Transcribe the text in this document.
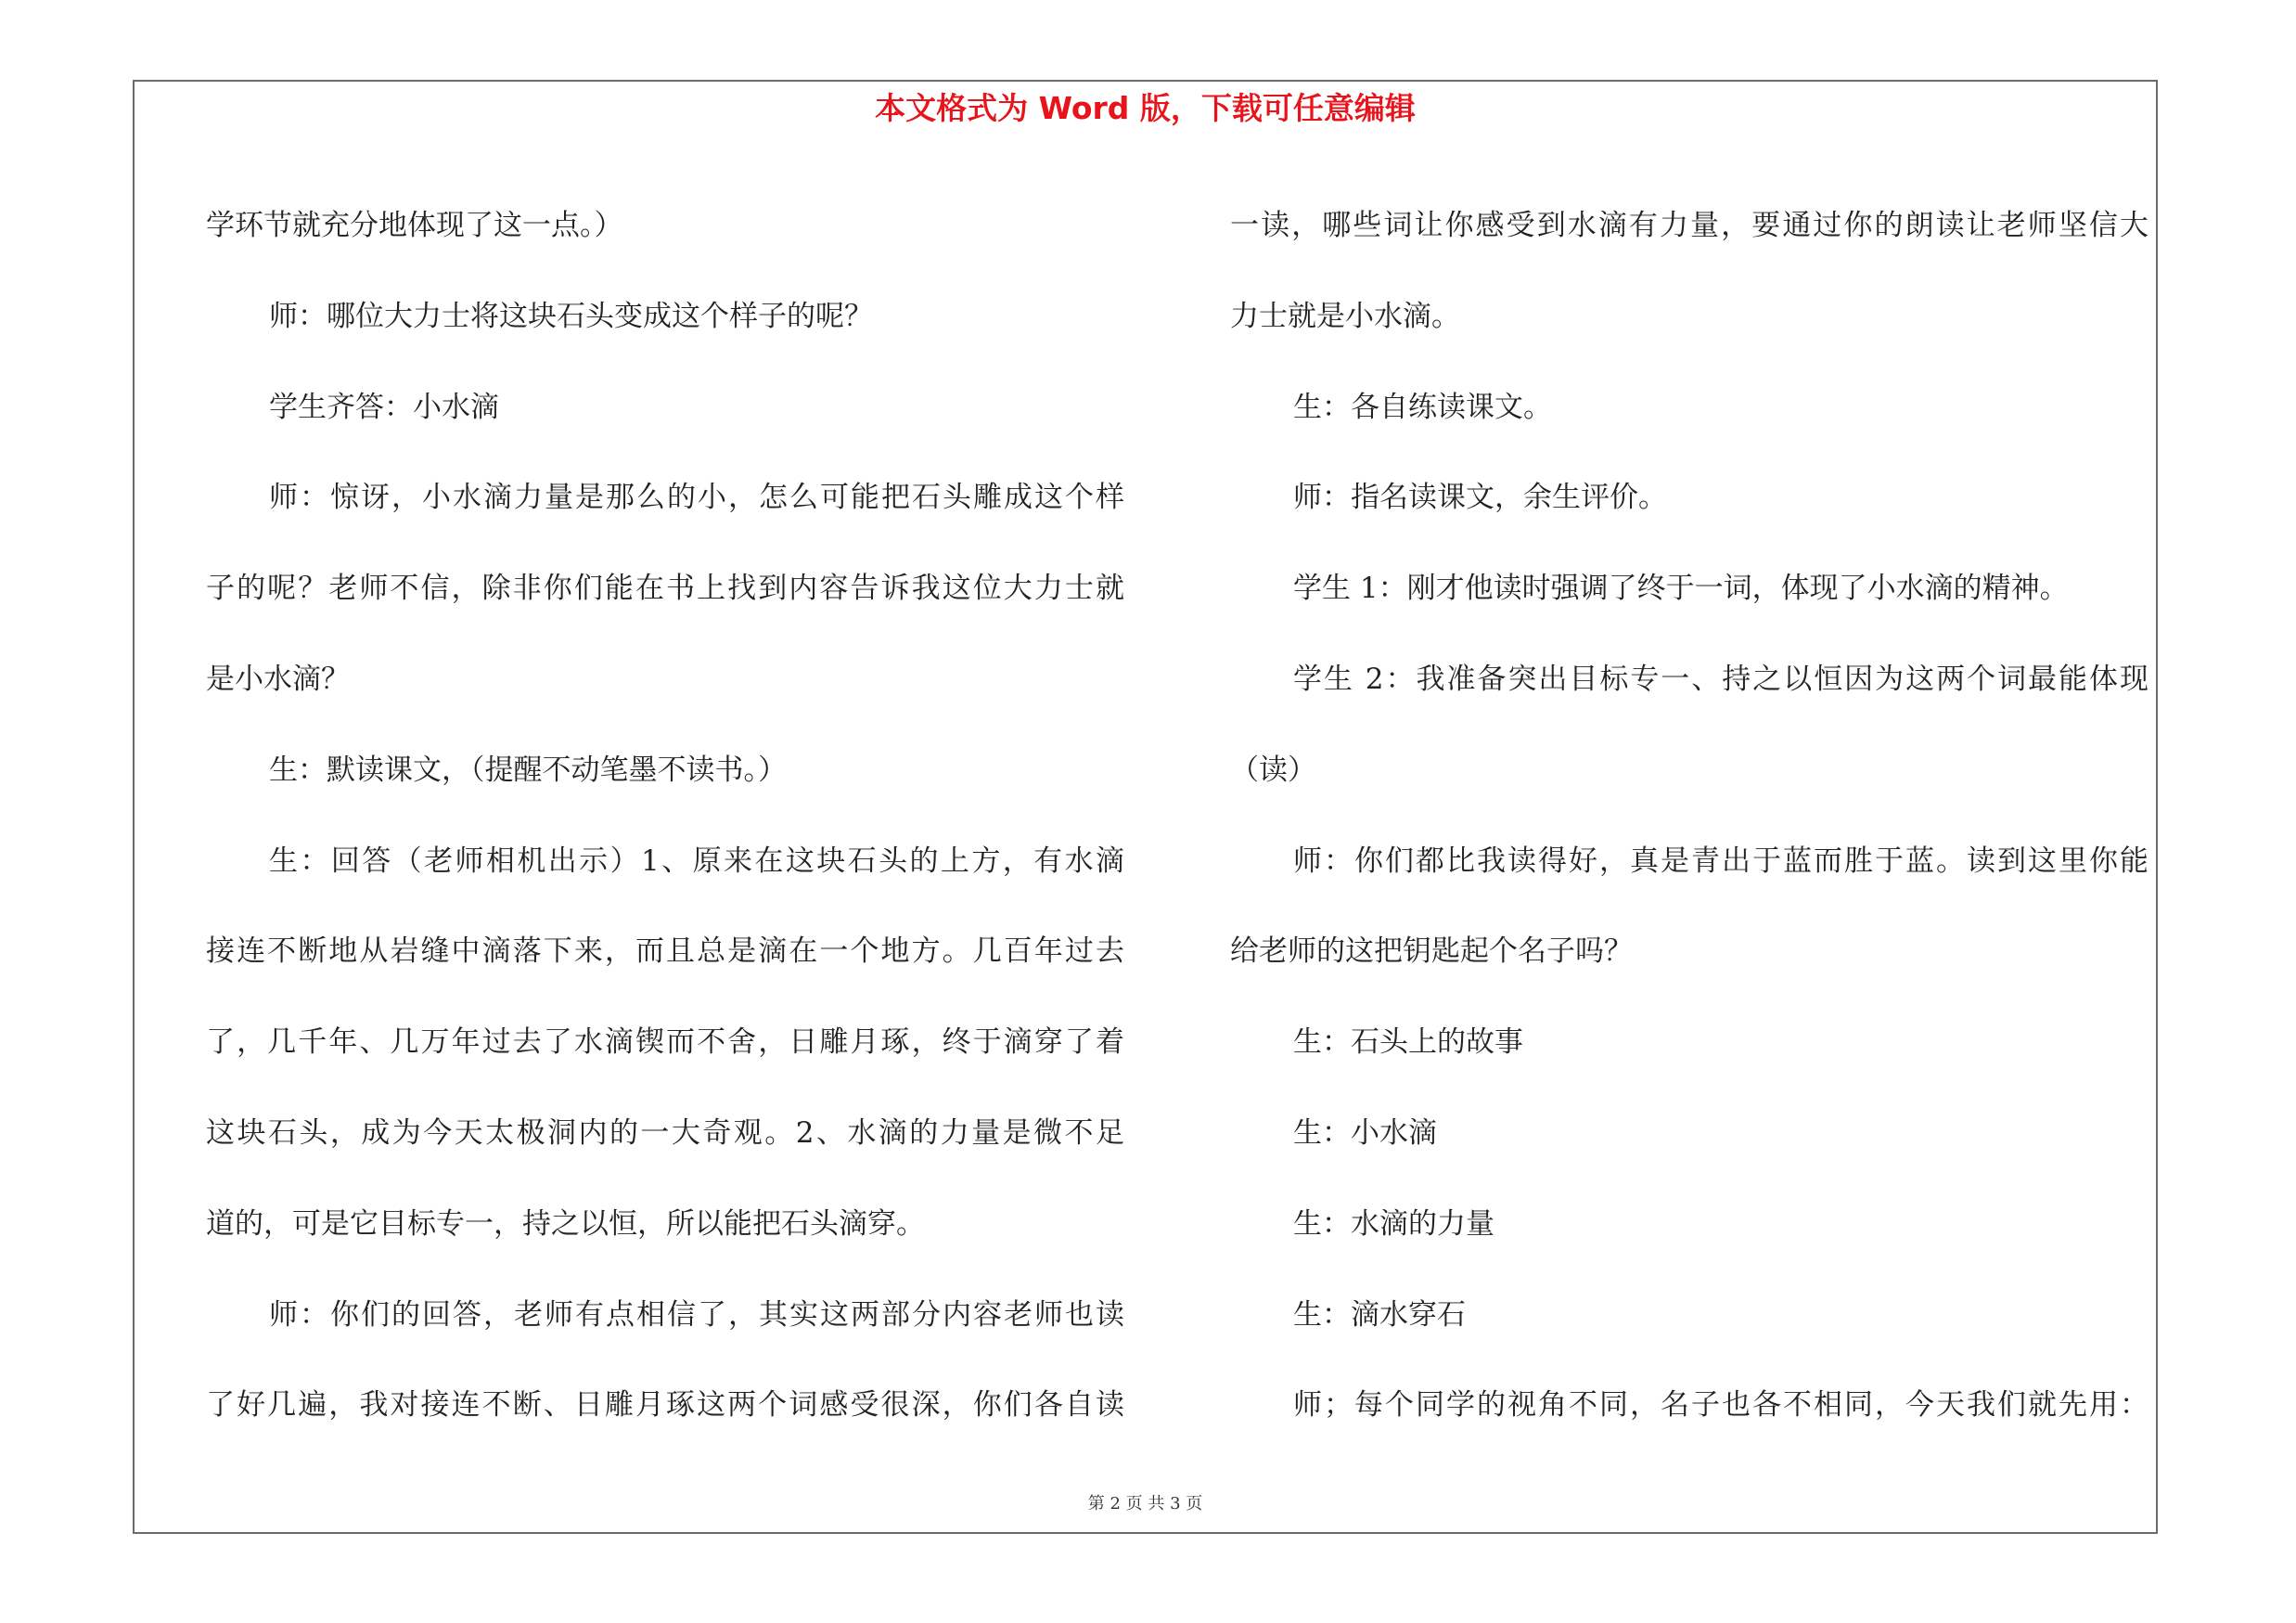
本文格式为 Word 版，下载可任意编辑
学环节就充分地体现了这一点。）
师：哪位大力士将这块石头变成这个样子的呢？
学生齐答：小水滴
师：惊讶，小水滴力量是那么的小，怎么可能把石头雕成这个样
子的呢？老师不信，除非你们能在书上找到内容告诉我这位大力士就
是小水滴？
生：默读课文，（提醒不动笔墨不读书。）
生：回答（老师相机出示）1、原来在这块石头的上方，有水滴
接连不断地从岩缝中滴落下来，而且总是滴在一个地方。几百年过去
了，几千年、几万年过去了水滴锲而不舍，日雕月琢，终于滴穿了着
这块石头，成为今天太极洞内的一大奇观。2、水滴的力量是微不足
道的，可是它目标专一，持之以恒，所以能把石头滴穿。
师：你们的回答，老师有点相信了，其实这两部分内容老师也读
了好几遍，我对接连不断、日雕月琢这两个词感受很深，你们各自读
一读，哪些词让你感受到水滴有力量，要通过你的朗读让老师坚信大
力士就是小水滴。
生：各自练读课文。
师：指名读课文，余生评价。
学生 1：刚才他读时强调了终于一词，体现了小水滴的精神。
学生 2：我准备突出目标专一、持之以恒因为这两个词最能体现
（读）
师：你们都比我读得好，真是青出于蓝而胜于蓝。读到这里你能
给老师的这把钥匙起个名子吗？
生：石头上的故事
生：小水滴
生：水滴的力量
生：滴水穿石
师；每个同学的视角不同，名子也各不相同，今天我们就先用：
第 2 页 共 3 页
